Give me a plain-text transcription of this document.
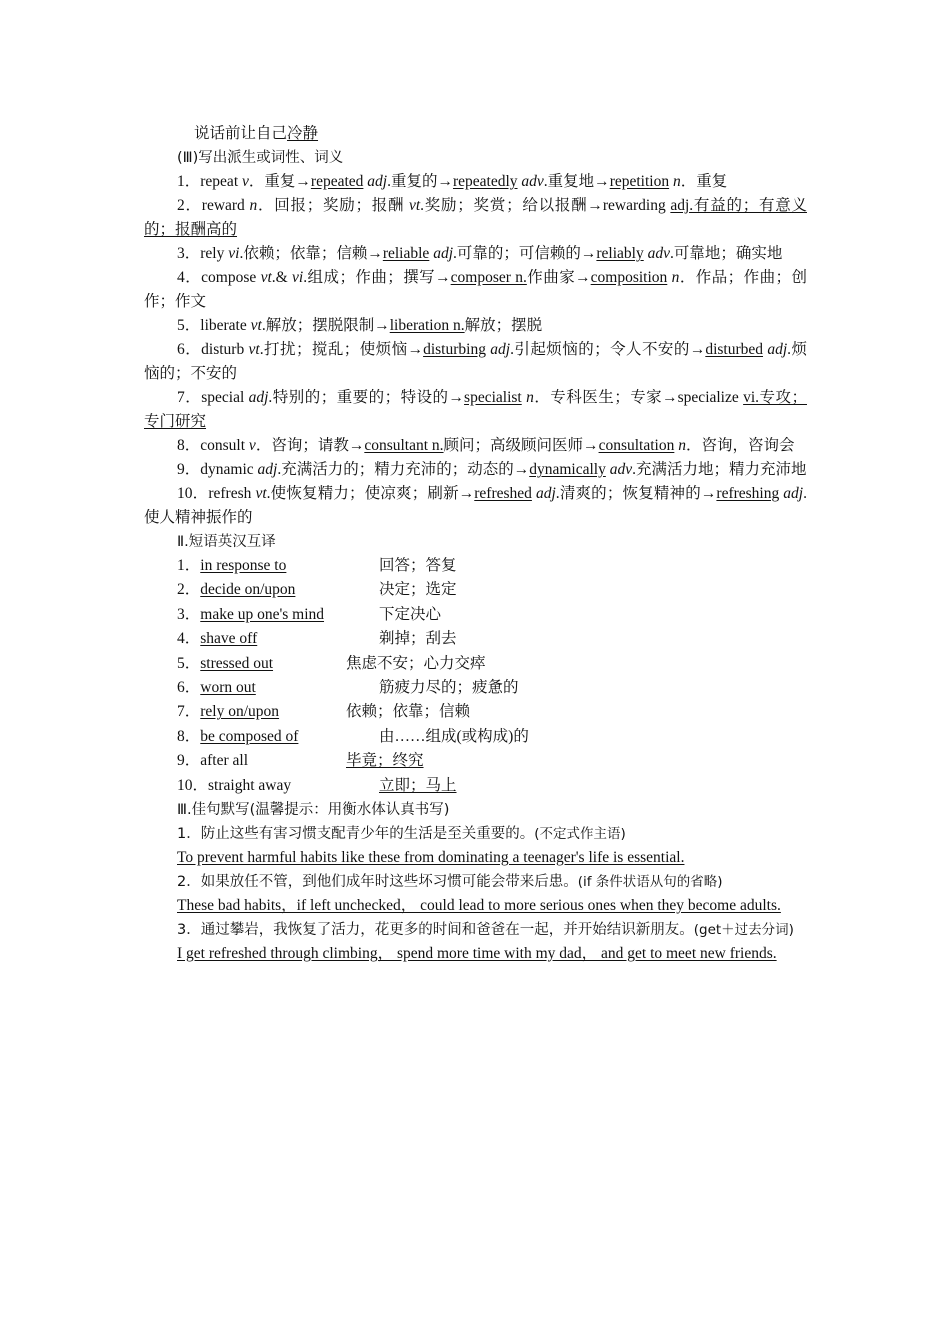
说话前让自己冷静

(Ⅲ)写出派生或词性、词义

1．repeat v．重复→repeated adj.重复的→repeatedly adv.重复地→repetition n．重复

2．reward n．回报；奖励；报酬 vt.奖励；奖赏；给以报酬→rewarding adj.有益的；有意义的；报酬高的

3．rely vi.依赖；依靠；信赖→reliable adj.可靠的；可信赖的→reliably adv.可靠地；确实地

4．compose vt.& vi.组成；作曲；撰写→composer n.作曲家→composition n．作品；作曲；创作；作文

5．liberate vt.解放；摆脱限制→liberation n.解放；摆脱

6．disturb vt.打扰；搅乱；使烦恼→disturbing adj.引起烦恼的；令人不安的→disturbed adj.烦恼的；不安的

7．special adj.特别的；重要的；特设的→specialist n．专科医生；专家→specialize vi.专攻；专门研究

8．consult v．咨询；请教→consultant n.顾问；高级顾问医师→consultation n．咨询，咨询会

9．dynamic adj.充满活力的；精力充沛的；动态的→dynamically adv.充满活力地；精力充沛地

10．refresh vt.使恢复精力；使凉爽；刷新→refreshed adj.清爽的；恢复精神的→refreshing adj.使人精神振作的

Ⅱ.短语英汉互译

1．in response to	回答；答复
2．decide on/upon	决定；选定
3．make up one's mind	下定决心
4．shave off	剃掉；刮去
5．stressed out	焦虑不安；心力交瘁
6．worn out	筋疲力尽的；疲惫的
7．rely on/upon	依赖；依靠；信赖
8．be composed of	由……组成(或构成)的
9．after all	毕竟；终究
10．straight away	立即；马上

Ⅲ.佳句默写(温馨提示：用衡水体认真书写)

1．防止这些有害习惯支配青少年的生活是至关重要的。(不定式作主语)

To prevent harmful habits like these from dominating a teenager's life is essential.

2．如果放任不管，到他们成年时这些坏习惯可能会带来后患。(if 条件状语从句的省略)

These bad habits，if left unchecked， could lead to more serious ones when they become adults.

3．通过攀岩，我恢复了活力，花更多的时间和爸爸在一起，并开始结识新朋友。(get＋过去分词)

I get refreshed through climbing， spend more time with my dad， and get to meet new friends.
